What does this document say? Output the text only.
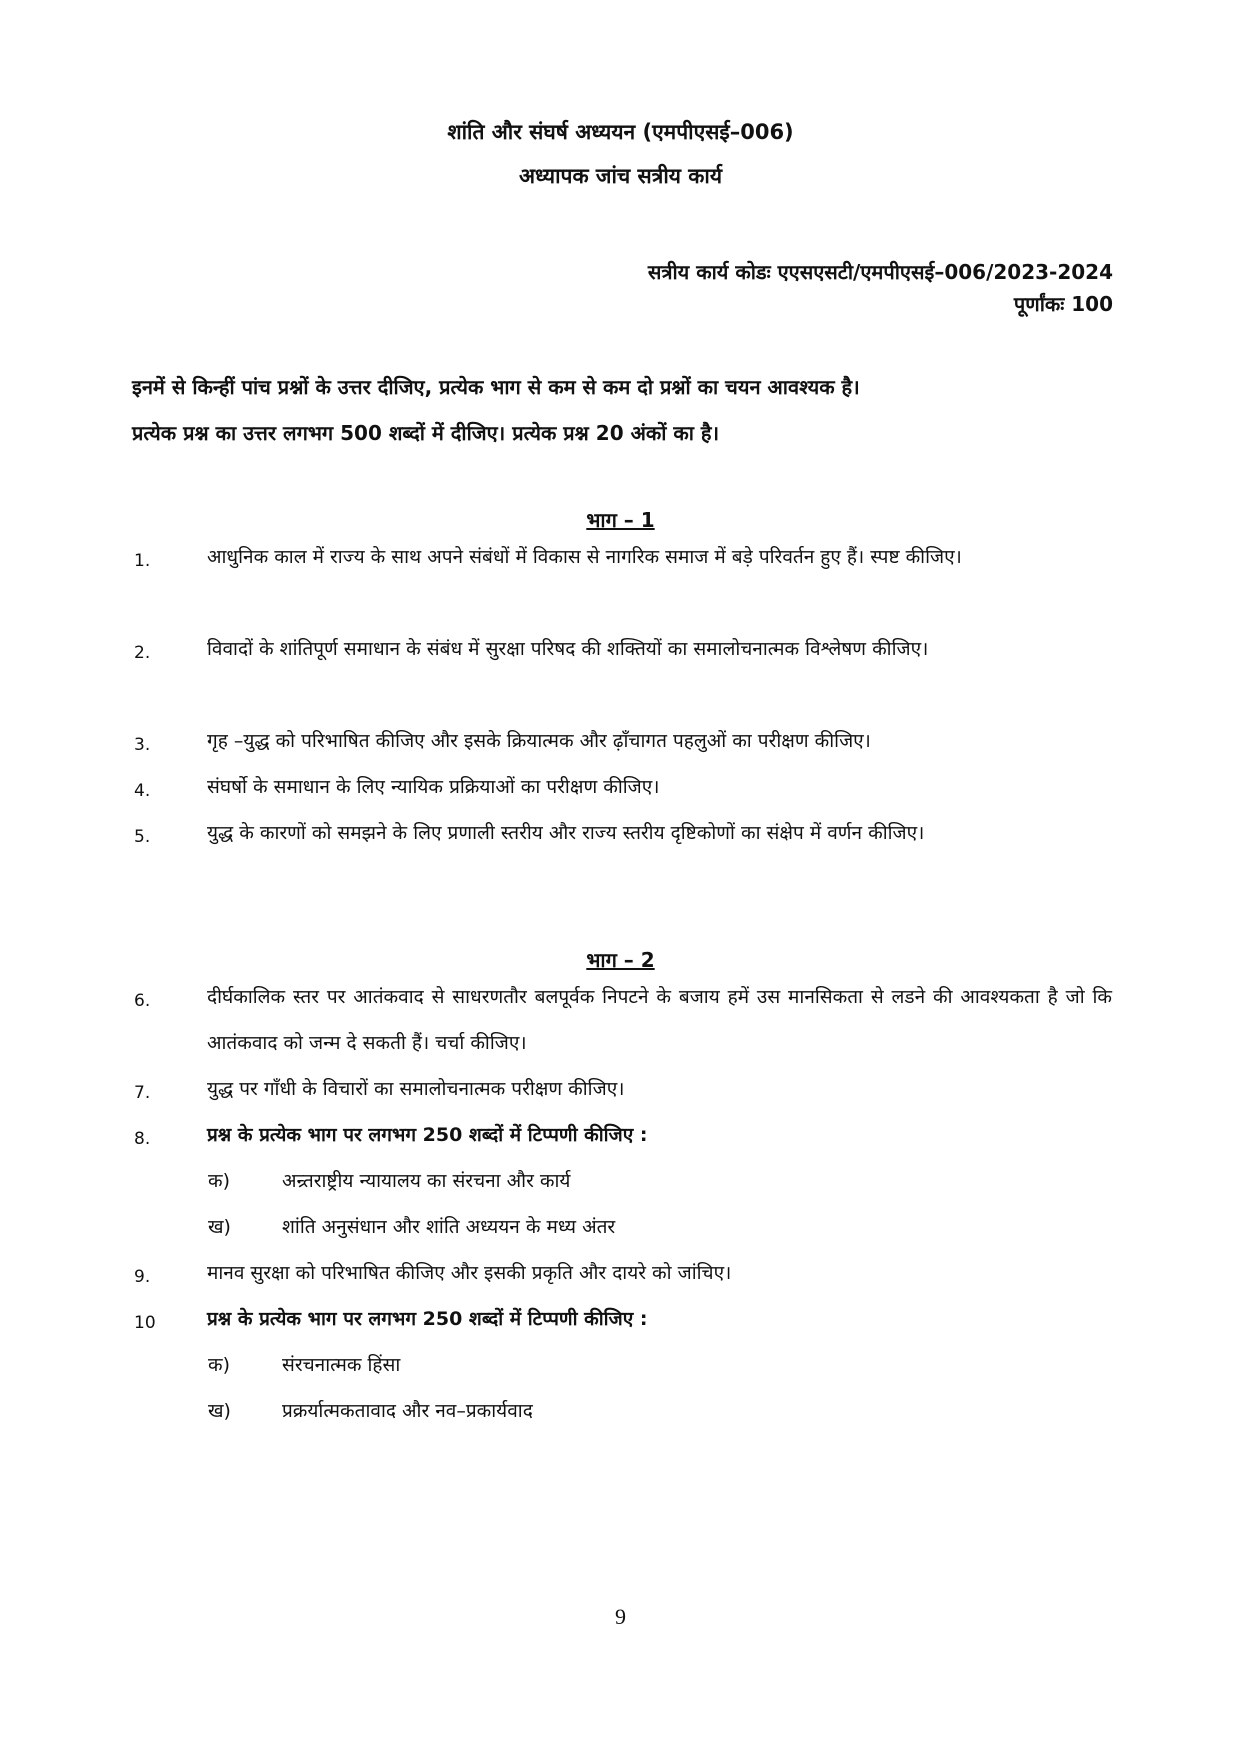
शांति और संघर्ष अध्ययन (एमपीएसई–006)
अध्यापक जांच सत्रीय कार्य
सत्रीय कार्य कोडः एएसएसटी/एमपीएसई–006/2023-2024
पूर्णांकः 100
इनमें से किन्हीं पांच प्रश्नों के उत्तर दीजिए, प्रत्येक भाग से कम से कम दो प्रश्नों का चयन आवश्यक है।
प्रत्येक प्रश्न का उत्तर लगभग 500 शब्दों में दीजिए। प्रत्येक प्रश्न 20 अंकों का है।
भाग – 1
1.	आधुनिक काल में राज्य के साथ अपने संबंधों में विकास से नागरिक समाज में बड़े परिवर्तन हुए हैं। स्पष्ट कीजिए।
2.	विवादों के शांतिपूर्ण समाधान के संबंध में सुरक्षा परिषद की शक्तियों का समालोचनात्मक विश्लेषण कीजिए।
3.	गृह –युद्ध को परिभाषित कीजिए और इसके क्रियात्मक और ढ़ाँचागत पहलुओं का परीक्षण कीजिए।
4.	संघर्षो के समाधान के लिए न्यायिक प्रक्रियाओं का परीक्षण कीजिए।
5.	युद्ध के कारणों को समझने के लिए प्रणाली स्तरीय और राज्य स्तरीय दृष्टिकोणों का संक्षेप में वर्णन कीजिए।
भाग – 2
6.	दीर्घकालिक स्तर पर आतंकवाद से साधरणतौर बलपूर्वक निपटने के बजाय हमें उस मानसिकता से लडने की आवश्यकता है जो कि आतंकवाद को जन्म दे सकती हैं। चर्चा कीजिए।
7.	युद्ध पर गाँधी के विचारों का समालोचनात्मक परीक्षण कीजिए।
8.	प्रश्न के प्रत्येक भाग पर लगभग 250 शब्दों में टिप्पणी कीजिए :
क)	अन्र्तराष्ट्रीय न्यायालय का संरचना और कार्य
ख)	शांति अनुसंधान और शांति अध्ययन के मध्य अंतर
9.	मानव सुरक्षा को परिभाषित कीजिए और इसकी प्रकृति और दायरे को जांचिए।
10	प्रश्न के प्रत्येक भाग पर लगभग 250 शब्दों में टिप्पणी कीजिए :
क)	संरचनात्मक हिंसा
ख)	प्रक्रर्यात्मकतावाद और नव–प्रकार्यवाद
9
